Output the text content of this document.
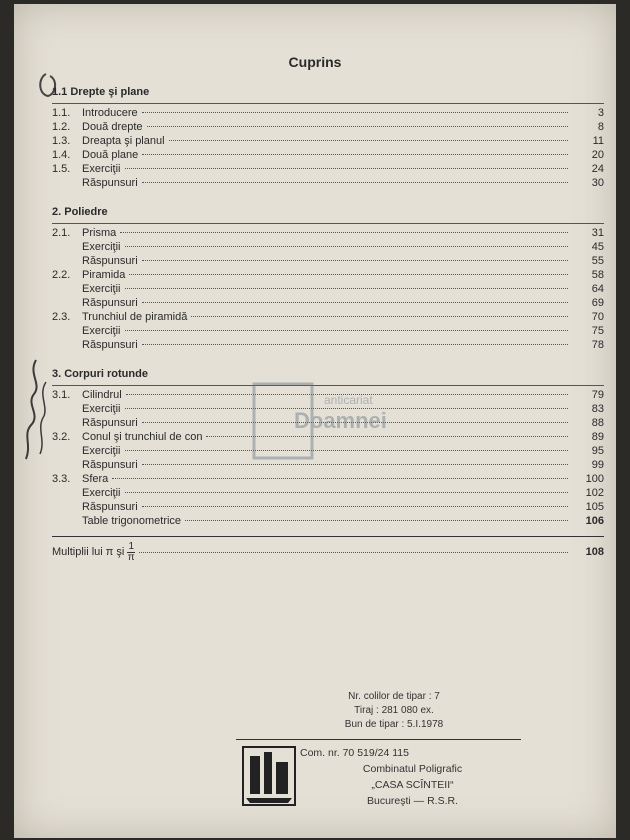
Cuprins
1.1 Drepte şi plane
1.1.	Introducere	3
1.2.	Două drepte	8
1.3.	Dreapta şi planul	11
1.4.	Două plane	20
1.5.	Exerciţii	24
Răspunsuri	30
2. Poliedre
2.1.	Prisma	31
Exerciţii	45
Răspunsuri	55
2.2.	Piramida	58
Exerciţii	64
Răspunsuri	69
2.3.	Trunchiul de piramidă	70
Exerciţii	75
Răspunsuri	78
3. Corpuri rotunde
3.1.	Cilindrul	79
Exerciţii	83
Răspunsuri	88
3.2.	Conul şi trunchiul de con	89
Exerciţii	95
Răspunsuri	99
3.3.	Sfera	100
Exerciţii	102
Răspunsuri	105
Table trigonometrice	106
Multiplii lui π şi $\frac{1}{\pi}$	108
anticariat
Doamnei
Nr. colilor de tipar : 7
Tiraj : 281 080 ex.
Bun de tipar : 5.I.1978
Com. nr. 70 519/24 115
Combinatul Poligrafic
„CASA SCÎNTEII“
Bucureşti — R.S.R.
